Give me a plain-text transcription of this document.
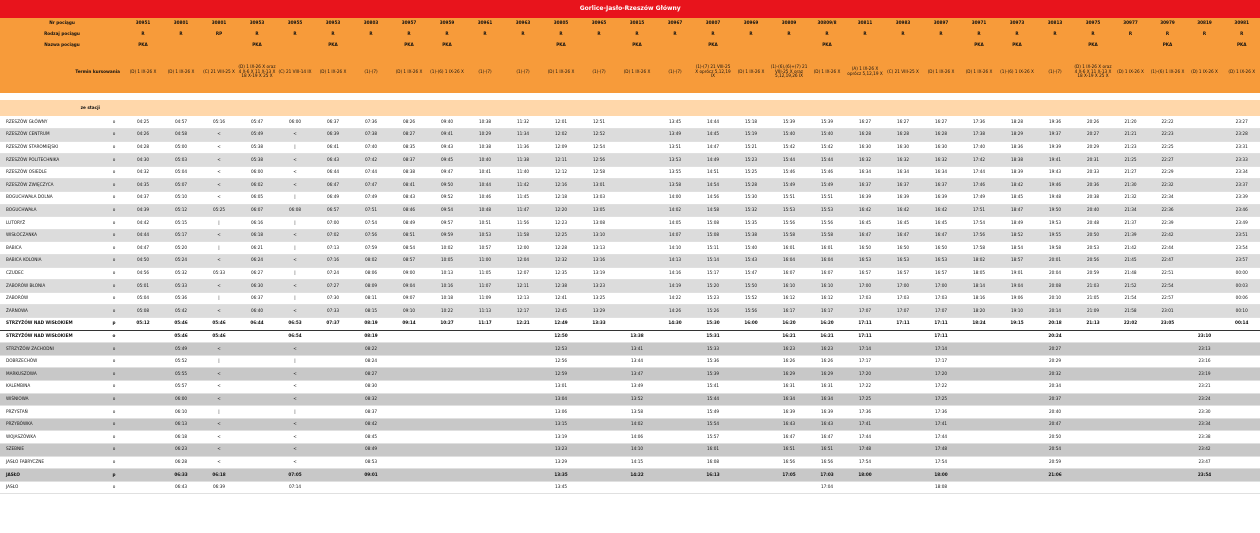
Gorlice-Jasło-Rzeszów Główny																															
Nr pociągu		30951	30801	30801	30953	30955	30953	30803	30957	30959	30961	30963	30805	30965	30815	30967	30807	30969	30809	30809/8	30811	30983	30897	30971	30973	30813	30975	30977	30979	30819	30981
Rodzaj pociągu		R	R	RP	R	R	R	R	R	R	R	R	R	R	R	R	R	R	R	R	R	R	R	R	R	R	R	R	R	R	R
Nazwa pociągu		PKA			PKA		PKA		PKA	PKA			PKA		PKA		PKA			PKA				PKA	PKA		PKA		PKA		PKA
Termin kursowania		(D) 1 IX-26 X	(D) 1 IX-26 X	(C) 21 VIII-25 X	(D) 1 IX-26 X oraz 4 X-6 X 11 X-13 X 18 X-19 X 25 X	(C) 21 VIII-14 IX	(D) 1 IX-26 X	(1)-(7)	(D) 1 IX-26 X	(1)-(6) 1 IX-26 X	(1)-(7)	(1)-(7)	(D) 1 IX-26 X	(1)-(7)	(D) 1 IX-26 X	(1)-(7)	(1)-(7) 21 VIII-25 X oprócz 5,12,19 IX	(D) 1 IX-26 X	(1)-(6),(6)+(7) 21 VIII-25 X oraz 5,12,19,26 IX	(D) 1 IX-26 X	(A) 1 IX-26 X oprócz 5,12,19 X	(C) 21 VIII-25 X	(D) 1 IX-26 X	(D) 1 IX-26 X	(1)-(6) 1 IX-26 X	(1)-(7)	(D) 1 IX-26 X oraz 4 X-6 X 11 X-13 X 18 X-19 X 25 X	(D) 1 IX-26 X	(1)-(6) 1 IX-26 X	(D) 1 IX-26 X	(D) 1 IX-26 X

ze stacji																															
RZESZÓW GŁÓWNY	o	04:25	04:57	05:16	05:47	06:00	06:37	07:36	08:26	09:40	10:38	11:32	12:01	12:51		13:45	14:44	15:18	15:39	15:39	16:27	16:27	16:27	17:36	18:28	19:36	20:26	21:20	22:22		23:27
RZESZÓW CENTRUM	o	04:26	04:58	<	05:49	<	06:39	07:38	08:27	09:41	10:29	11:34	12:02	12:52		13:49	14:45	15:19	15:40	15:40	16:28	16:28	16:28	17:38	18:29	19:37	20:27	21:21	22:23		23:28
RZESZÓW STAROMIEJSKI	o	04:28	05:00	<	05:38	|	06:41	07:40	08:35	09:43	10:38	11:36	12:09	12:54		13:51	14:47	15:21	15:42	15:42	16:30	16:30	16:30	17:40	18:36	19:39	20:29	21:23	22:25		23:31
RZESZÓW POLITECHNIKA	o	04:30	05:03	<	05:38	<	06:43	07:42	08:37	09:45	10:40	11:38	12:11	12:56		13:53	14:49	15:23	15:44	15:44	16:32	16:32	16:32	17:42	18:38	19:41	20:31	21:25	22:27		23:33
RZESZÓW OSIEDLE	o	04:32	05:04	<	06:00	<	06:44	07:44	08:38	09:47	10:41	11:40	12:12	12:58		13:55	14:51	15:25	15:46	15:46	16:34	16:34	16:34	17:44	18:39	19:43	20:33	21:27	22:29		23:34
RZESZÓW ZWIĘCZYCA	o	04:35	05:07	<	06:02	<	06:47	07:47	08:41	09:50	10:44	11:42	12:16	13:01		13:58	14:54	15:28	15:49	15:49	16:37	16:37	16:37	17:46	18:42	19:46	20:36	21:30	22:32		23:37
BOGUCHWAŁA DOLNA	o	04:37	05:10	<	06:05	|	06:49	07:49	08:43	09:52	10:46	11:45	12:18	13:03		14:00	14:56	15:30	15:51	15:51	16:39	16:39	16:39	17:49	18:45	19:48	20:38	21:32	22:34		23:39
BOGUCHWAŁA	o	04:39	05:12	05:25	06:07	06:08	06:57	07:51	08:46	09:54	10:48	11:47	12:20	13:05		14:02	14:58	15:32	15:53	15:53	16:42	16:42	16:42	17:51	18:47	19:50	20:40	21:34	22:36		23:46
LUTORYŻ	o	04:42	05:15	|	06:16	|	07:00	07:54	08:49	09:57	10:51	11:56	12:23	13:08		14:05	15:08	15:35	15:56	15:56	16:45	16:45	16:45	17:54	18:49	19:53	20:48	21:37	22:39		23:49
WISŁOCZANKA	o	04:44	05:17	<	06:18	<	07:02	07:56	08:51	09:59	10:53	11:58	12:25	13:10		14:07	15:08	15:38	15:58	15:58	16:47	16:47	16:47	17:56	18:52	19:55	20:50	21:39	22:42		23:51
BABICA	o	04:47	05:20	|	06:21	|	07:13	07:59	08:54	10:02	10:57	12:00	12:28	13:13		14:10	15:11	15:40	16:01	16:01	16:50	16:50	16:50	17:58	18:54	19:58	20:53	21:42	22:44		23:54
BABICA KOLONIA	o	04:50	05:24	<	06:24	<	07:16	08:02	08:57	10:05	11:00	12:04	12:32	13:16		14:13	15:14	15:43	16:04	16:04	16:53	16:53	16:53	18:02	18:57	20:01	20:56	21:45	22:47		23:57
CZUDEC	o	04:56	05:32	05:33	06:27	|	07:24	08:06	09:00	10:13	11:05	12:07	12:35	13:19		14:16	15:17	15:47	16:07	16:07	16:57	16:57	16:57	18:05	19:01	20:04	20:59	21:48	22:51		00:00
ZABORÓW BŁONIA	o	05:01	05:33	<	06:30	<	07:27	08:09	09:04	10:16	11:07	12:11	12:38	13:23		14:19	15:20	15:50	16:10	16:10	17:00	17:00	17:00	18:14	19:04	20:08	21:03	21:52	22:54		00:03
ZABORÓW	o	05:04	05:36	|	06:37	|	07:30	08:11	09:07	10:18	11:09	12:13	12:41	13:25		14:22	15:23	15:52	16:12	16:12	17:03	17:03	17:03	18:16	19:06	20:10	21:05	21:54	22:57		00:06
ŻARNOWA	o	05:08	05:42	<	06:40	<	07:33	08:15	09:10	10:22	11:13	12:17	12:45	13:29		14:26	15:26	15:56	16:17	16:17	17:07	17:07	17:07	18:20	19:10	20:14	21:09	21:58	23:01		00:10
STRZYŻÓW NAD WISŁOKIEM	p	05:12	05:46	05:46	06:44	06:53	07:37	08:19	09:14	10:27	11:17	12:21	12:49	13:33		14:30	15:30	16:00	16:20	16:20	17:11	17:11	17:11	18:24	19:15	20:18	21:13	22:02	23:05		00:14
STRZYŻÓW NAD WISŁOKIEM	o		05:46	05:46		06:54		08:19					12:50		13:38		15:31		16:21	16:21	17:11		17:11			20:24				23:10	
STRZYŻÓW ZACHODNI	o		05:49	<		<		08:22					12:53		13:41		15:33		16:23	16:23	17:14		17:14			20:27				23:13	
DOBRZECHÓW	o		05:52	|		|		08:24					12:56		13:44		15:36		16:26	16:26	17:17		17:17			20:29				23:16	
MARKUSZOWA	o		05:55	<		<		08:27					12:59		13:47		15:39		16:29	16:29	17:20		17:20			20:32				23:19	
KALEMBINA	o		05:57	<		<		08:30					13:01		13:49		15:41		16:31	16:31	17:22		17:22			20:34				23:21	
WIŚNIOWA	o		06:00	<		<		08:32					13:04		13:52		15:44		16:34	16:34	17:25		17:25			20:37				23:24	
PRZYSTAŃ	o		06:10	|		|		08:37					13:06		13:58		15:49		16:39	16:39	17:36		17:36			20:40				23:30	
PRZYBÓWKA	o		06:13	<		<		08:42					13:15		14:02		15:54		16:43	16:43	17:41		17:41			20:47				23:34	
WOJASZÓWKA	o		06:18	<		<		08:45					13:19		14:06		15:57		16:47	16:47	17:44		17:44			20:50				23:38	
SZEBNIE	o		06:23	<		<		08:49					13:23		14:10		16:01		16:51	16:51	17:48		17:48			20:54				23:42	
JASŁO FABRYCZNE	o		06:28	<		<		08:53					13:29		14:15		16:08		16:56	16:56	17:54		17:54			20:59				23:47	
JASŁO	p		06:33	06:18		07:05		09:01					13:35		14:22		16:13		17:05	17:03	18:00		18:00			21:06				23:54	
JASŁO	o		06:43	06:39		07:14							13:45							17:04			18:08								
